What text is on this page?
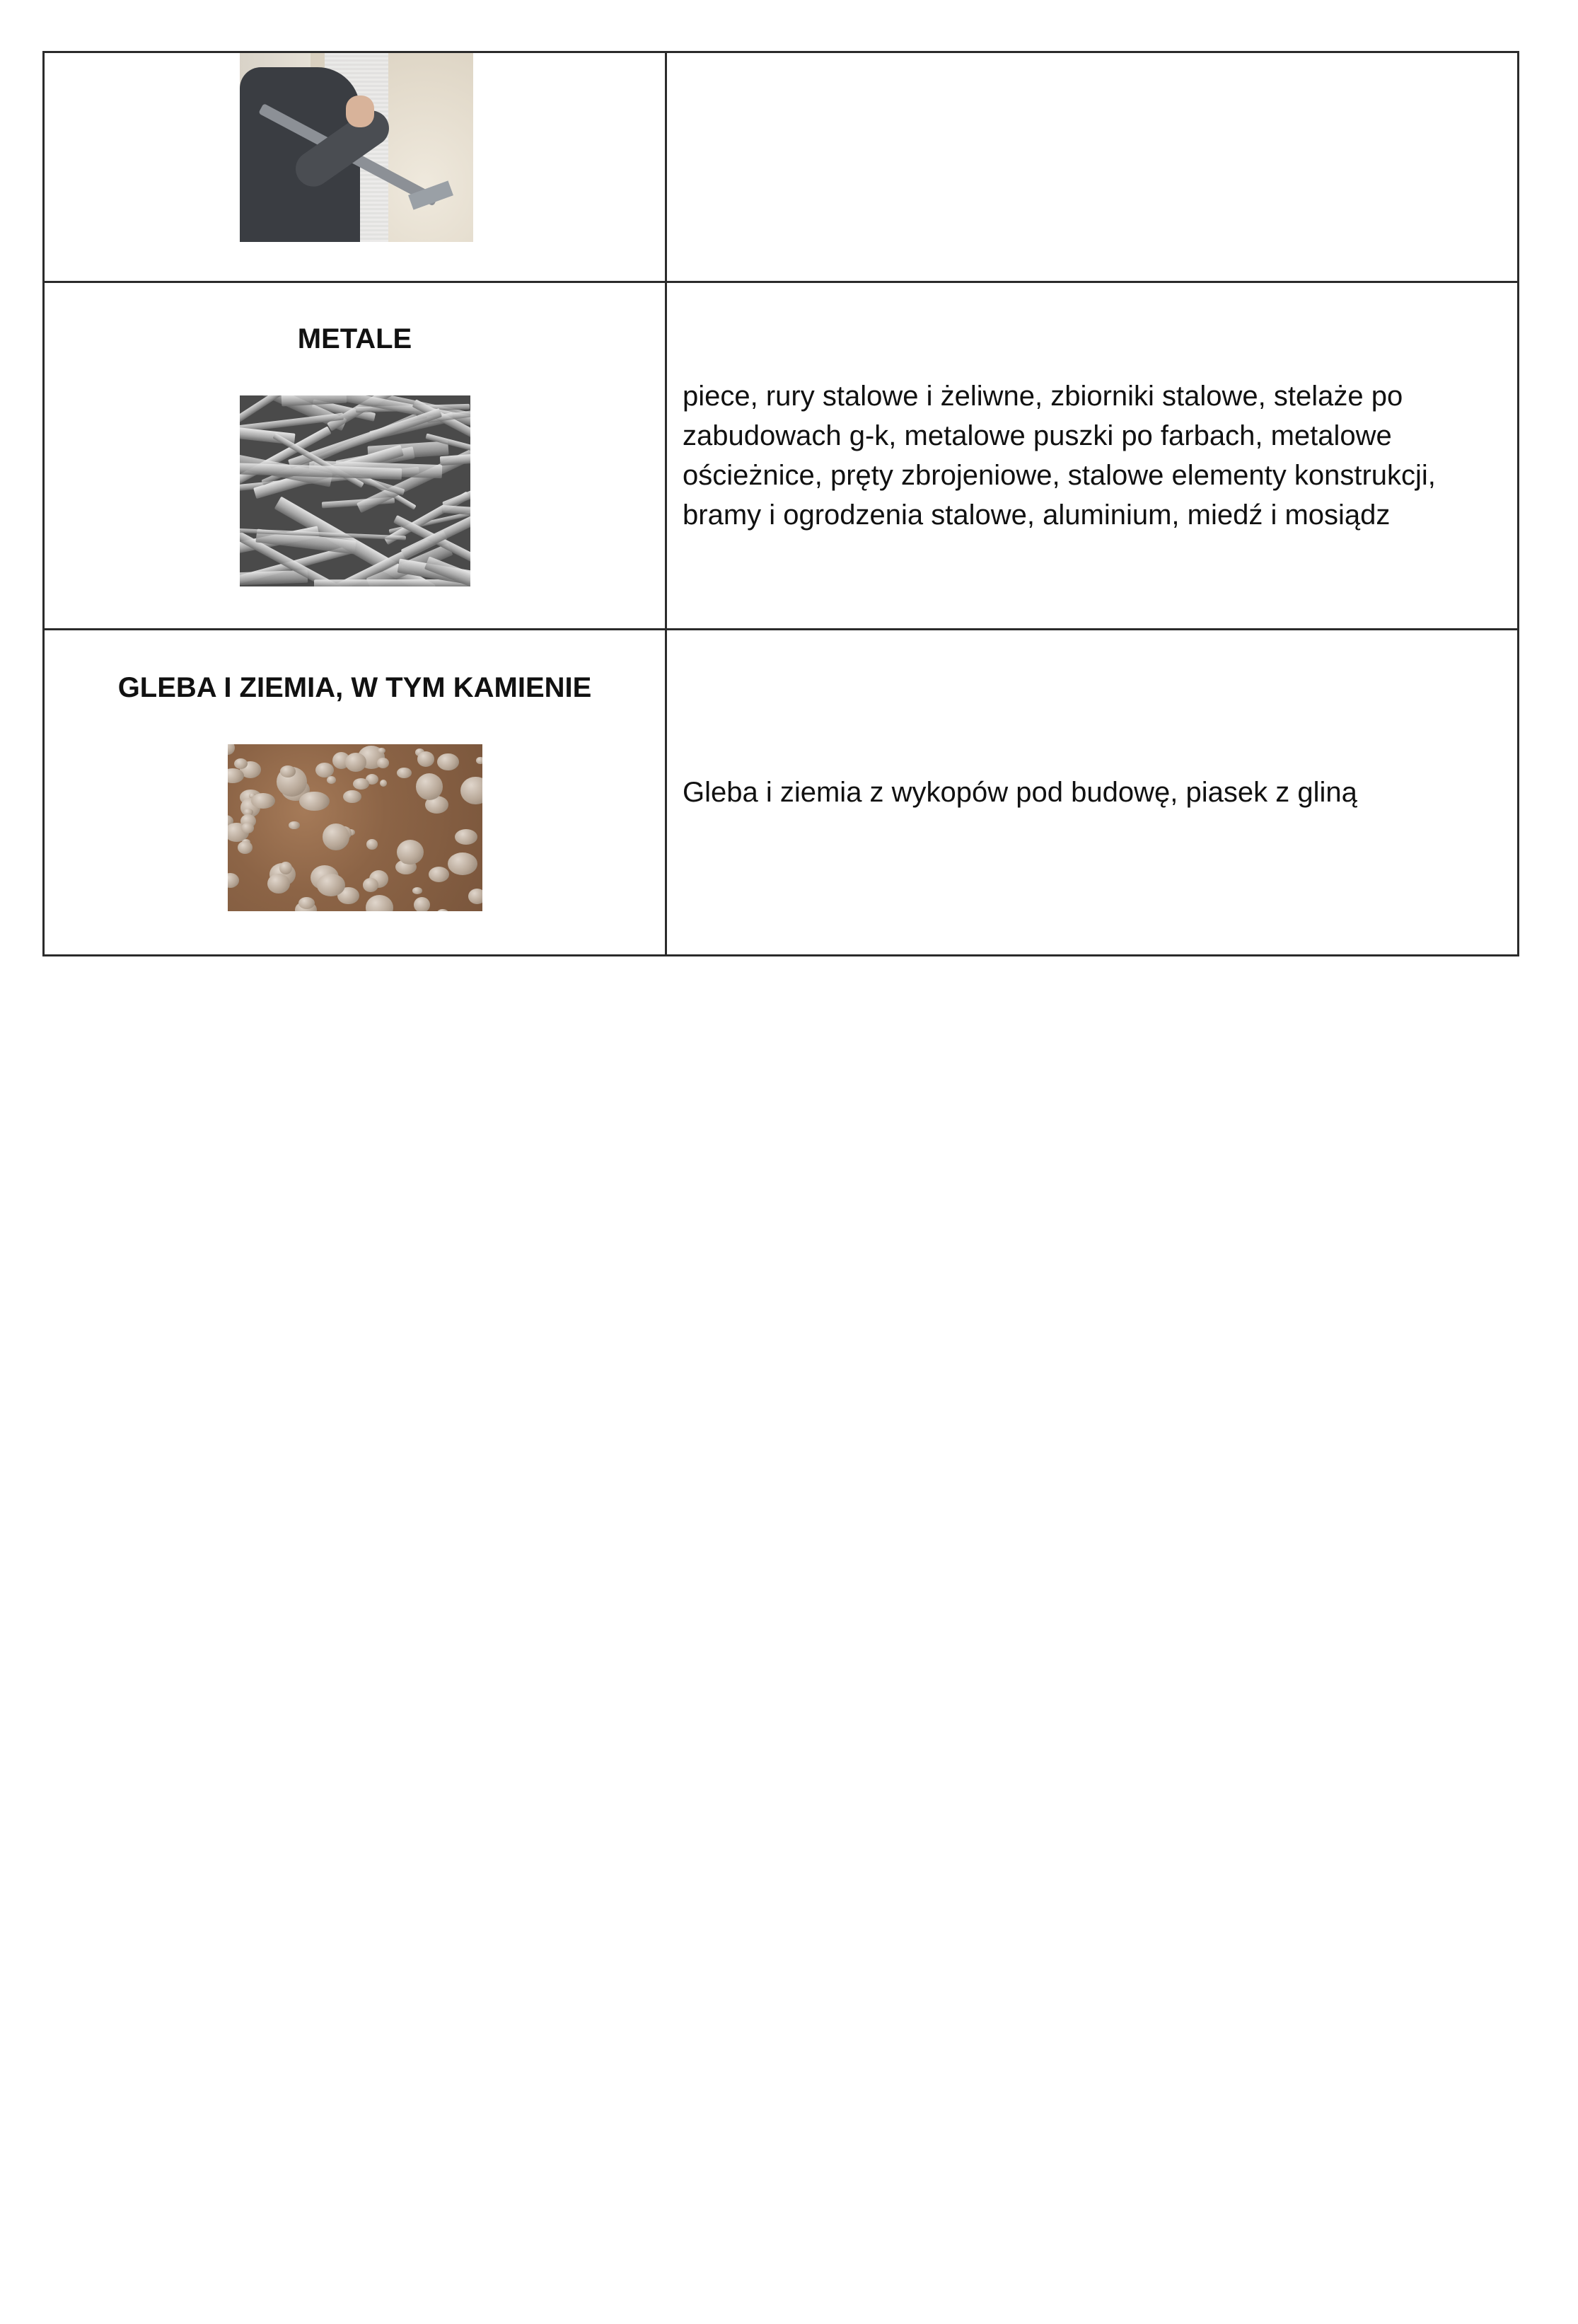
METALE	piece, rury stalowe i żeliwne, zbiorniki stalowe, stelaże po zabudowach g-k, metalowe puszki po farbach, metalowe ościeżnice, pręty zbrojeniowe, stalowe elementy konstrukcji, bramy i ogrodzenia stalowe, aluminium, miedź i mosiądz

GLEBA I ZIEMIA, W TYM KAMIENIE	Gleba i ziemia z wykopów pod budowę, piasek z gliną
